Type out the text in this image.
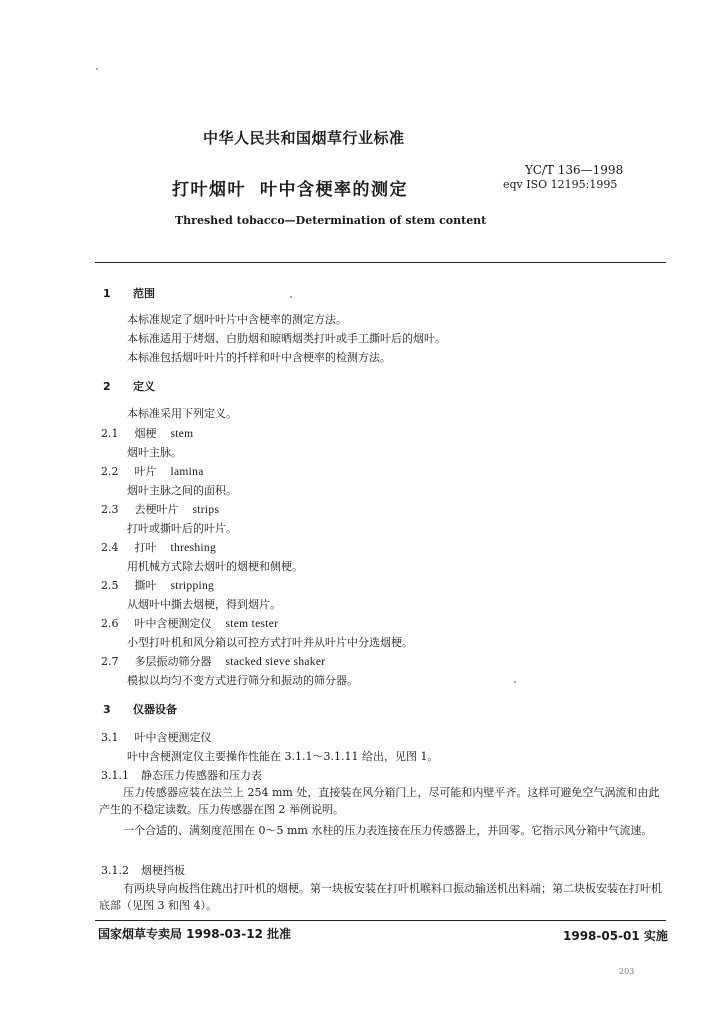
中华人民共和国烟草行业标准
打叶烟叶 叶中含梗率的测定
YC/T 136—1998
eqv ISO 12195:1995
Threshed tobacco—Determination of stem content
1 范围
本标准规定了烟叶叶片中含梗率的测定方法。
本标准适用于烤烟、白肋烟和晾晒烟类打叶或手工撕叶后的烟叶。
本标准包括烟叶叶片的扦样和叶中含梗率的检测方法。
2 定义
本标准采用下列定义。
2.1 烟梗 stem
烟叶主脉。
2.2 叶片 lamina
烟叶主脉之间的面积。
2.3 去梗叶片 strips
打叶或撕叶后的叶片。
2.4 打叶 threshing
用机械方式除去烟叶的烟梗和侧梗。
2.5 撕叶 stripping
从烟叶中撕去烟梗，得到烟片。
2.6 叶中含梗测定仪 stem tester
小型打叶机和风分箱以可控方式打叶并从叶片中分选烟梗。
2.7 多层振动筛分器 stacked sieve shaker
模拟以均匀不变方式进行筛分和振动的筛分器。
3 仪器设备
3.1 叶中含梗测定仪
叶中含梗测定仪主要操作性能在 3.1.1～3.1.11 给出，见图 1。
3.1.1 静态压力传感器和压力表
压力传感器应装在法兰上 254 mm 处，直接装在风分箱门上，尽可能和内壁平齐。这样可避免空气涡流和由此产生的不稳定读数。压力传感器在图 2 举例说明。
一个合适的、满刻度范围在 0～5 mm 水柱的压力表连接在压力传感器上，并回零。它指示风分箱中气流速。
3.1.2 烟梗挡板
有两块导向板挡住跳出打叶机的烟梗。第一块板安装在打叶机喉料口振动输送机出料端；第二块板安装在打叶机底部（见图 3 和图 4）。
国家烟草专卖局 1998-03-12 批准	1998-05-01 实施
203
